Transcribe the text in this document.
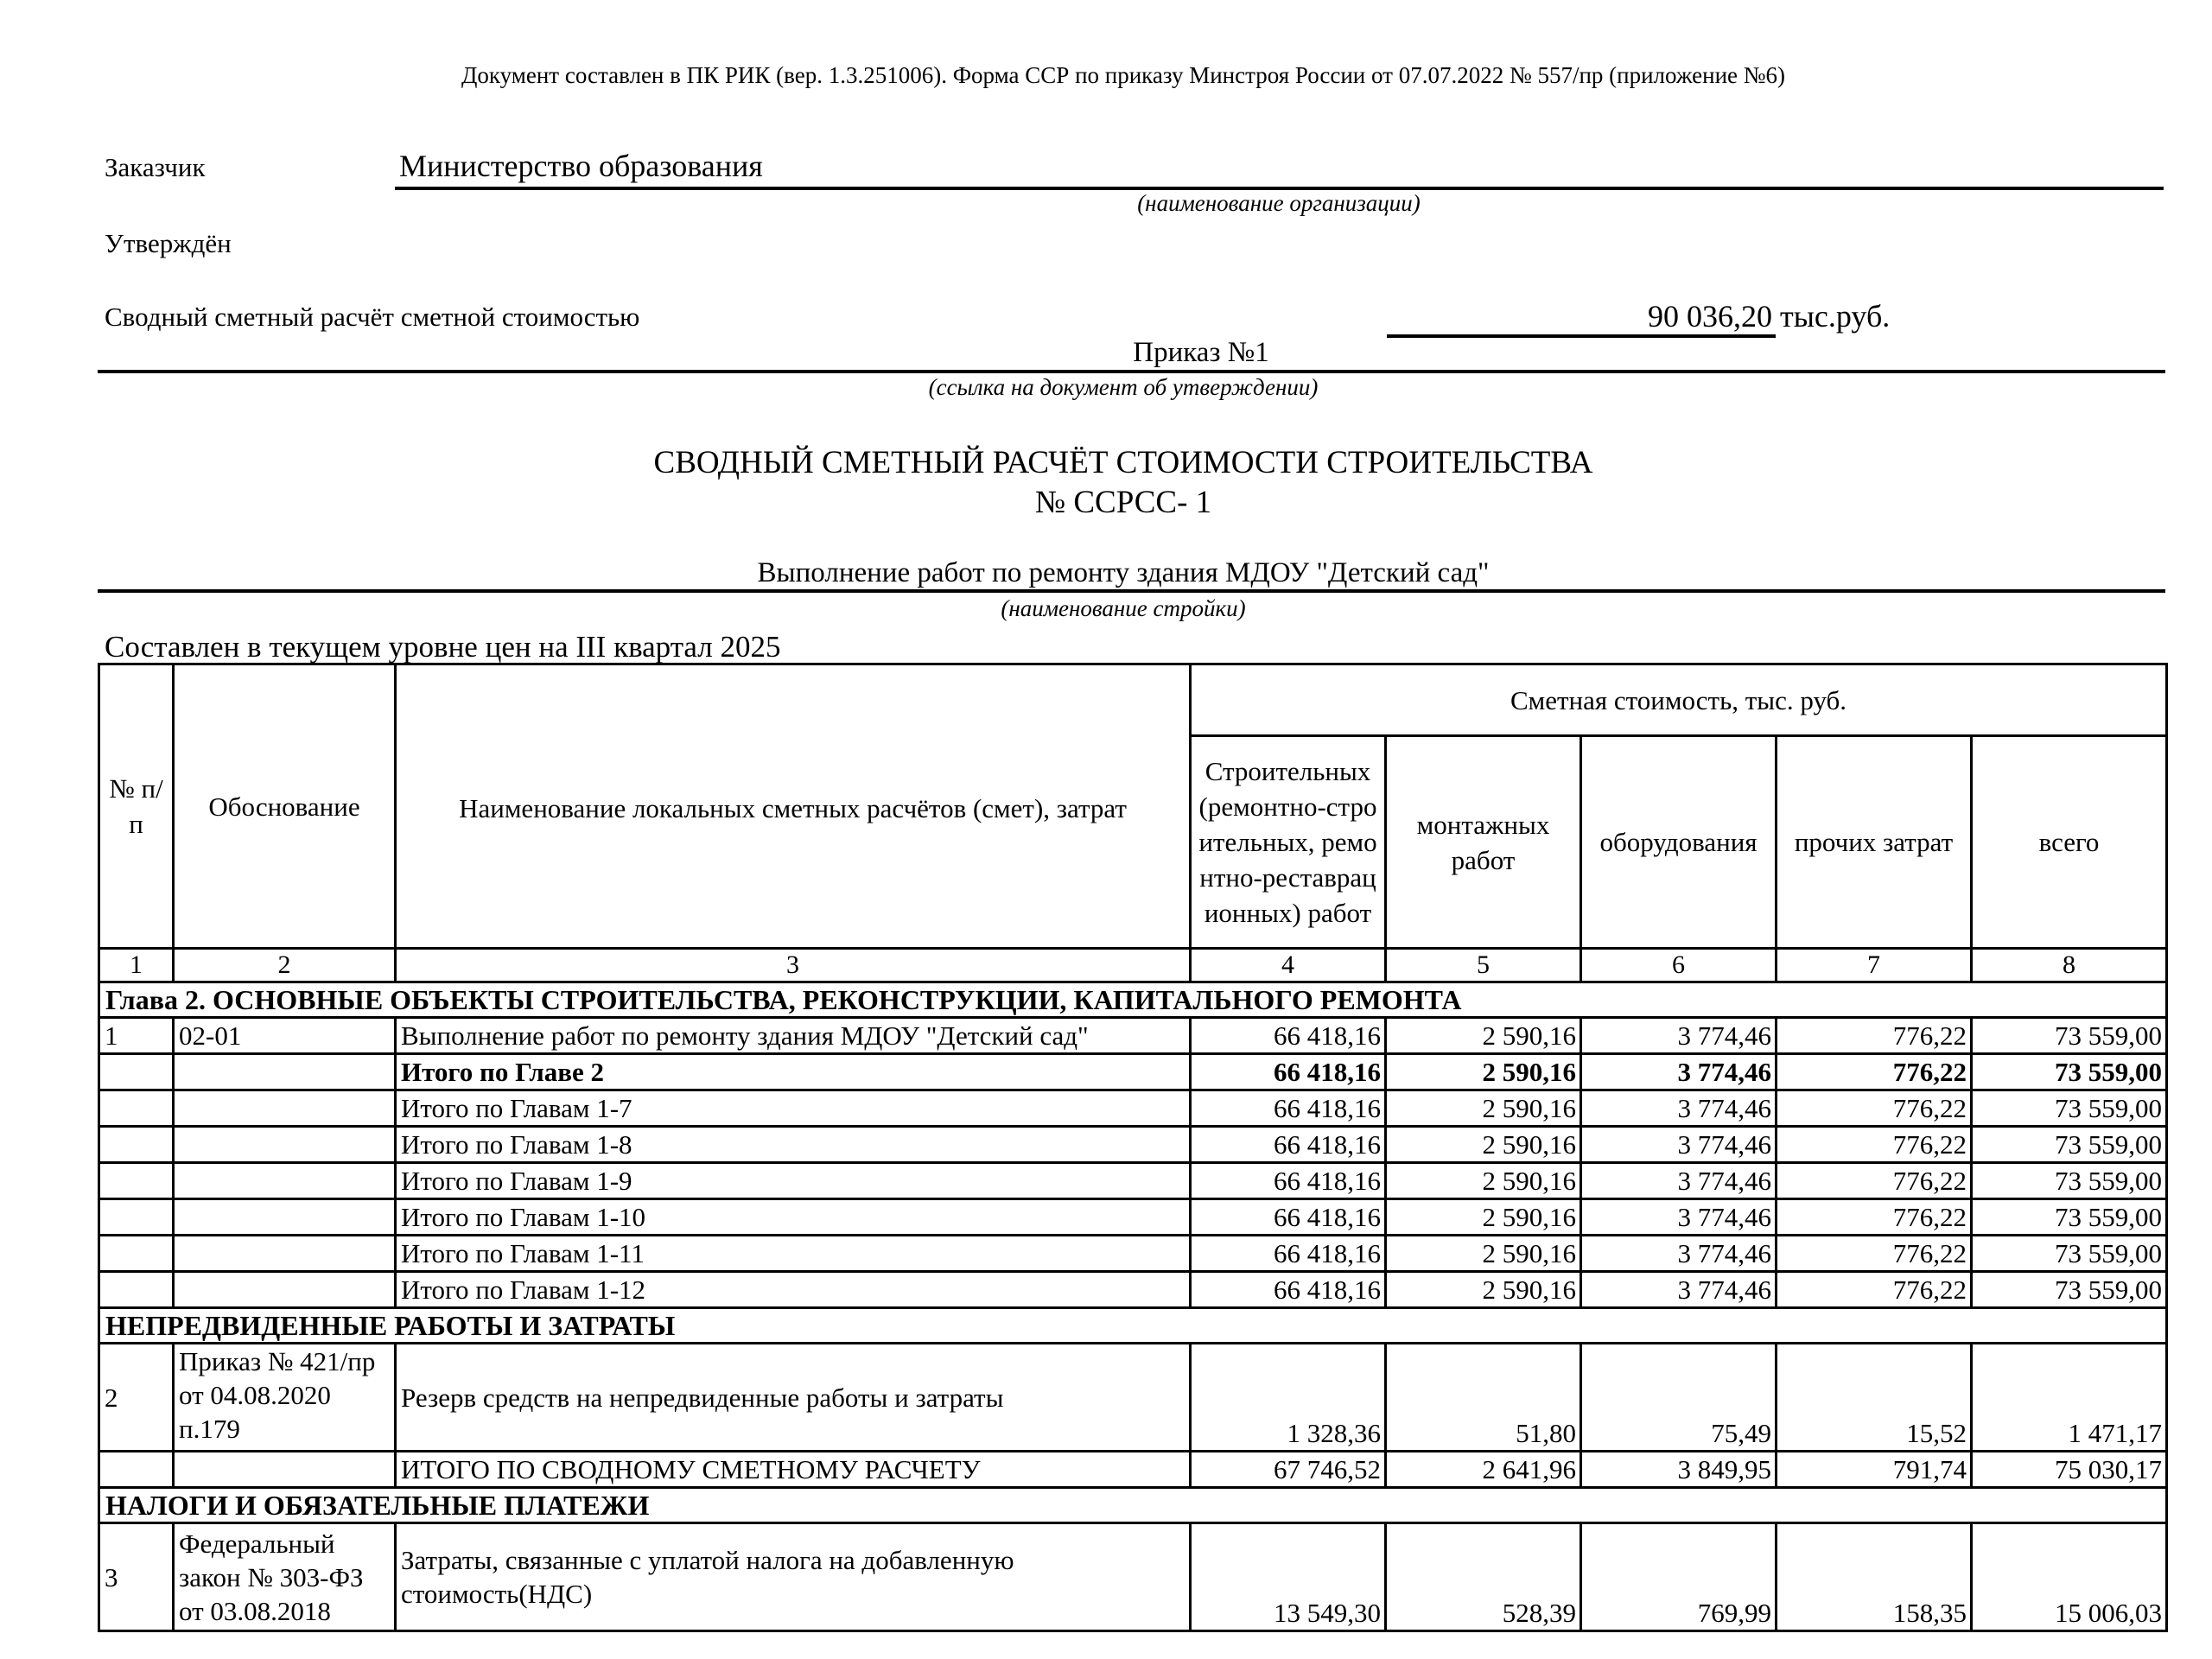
Документ составлен в ПК РИК (вер. 1.3.251006). Форма ССР по приказу Минстроя России от 07.07.2022 № 557/пр (приложение №6)
Заказчик	Министерство образования
(наименование организации)
Утверждён
Сводный сметный расчёт сметной стоимостью	90 036,20 тыс.руб.
Приказ №1
(ссылка на документ об утверждении)
СВОДНЫЙ СМЕТНЫЙ РАСЧЁТ СТОИМОСТИ СТРОИТЕЛЬСТВА
№ ССРСС- 1
Выполнение работ по ремонту здания МДОУ "Детский сад"
(наименование стройки)
Составлен в текущем уровне цен на III квартал 2025
№ п/п	Обоснование	Наименование локальных сметных расчётов (смет), затрат	Сметная стоимость, тыс. руб.				
			Строительных (ремонтно-строительных, ремонтно-реставрационных) работ	монтажных работ	оборудования	прочих затрат	всего
1	2	3	4	5	6	7	8
Глава 2. ОСНОВНЫЕ ОБЪЕКТЫ СТРОИТЕЛЬСТВА, РЕКОНСТРУКЦИИ, КАПИТАЛЬНОГО РЕМОНТА							
1	02-01	Выполнение работ по ремонту здания МДОУ "Детский сад"	66 418,16	2 590,16	3 774,46	776,22	73 559,00
		Итого по Главе 2	66 418,16	2 590,16	3 774,46	776,22	73 559,00
		Итого по Главам 1-7	66 418,16	2 590,16	3 774,46	776,22	73 559,00
		Итого по Главам 1-8	66 418,16	2 590,16	3 774,46	776,22	73 559,00
		Итого по Главам 1-9	66 418,16	2 590,16	3 774,46	776,22	73 559,00
		Итого по Главам 1-10	66 418,16	2 590,16	3 774,46	776,22	73 559,00
		Итого по Главам 1-11	66 418,16	2 590,16	3 774,46	776,22	73 559,00
		Итого по Главам 1-12	66 418,16	2 590,16	3 774,46	776,22	73 559,00
НЕПРЕДВИДЕННЫЕ РАБОТЫ И ЗАТРАТЫ							
2	Приказ № 421/пр от 04.08.2020 п.179	Резерв средств на непредвиденные работы и затраты	1 328,36	51,80	75,49	15,52	1 471,17
		ИТОГО ПО СВОДНОМУ СМЕТНОМУ РАСЧЕТУ	67 746,52	2 641,96	3 849,95	791,74	75 030,17
НАЛОГИ И ОБЯЗАТЕЛЬНЫЕ ПЛАТЕЖИ							
3	Федеральный закон № 303-ФЗ от 03.08.2018	Затраты, связанные с уплатой налога на добавленную стоимость(НДС)	13 549,30	528,39	769,99	158,35	15 006,03
